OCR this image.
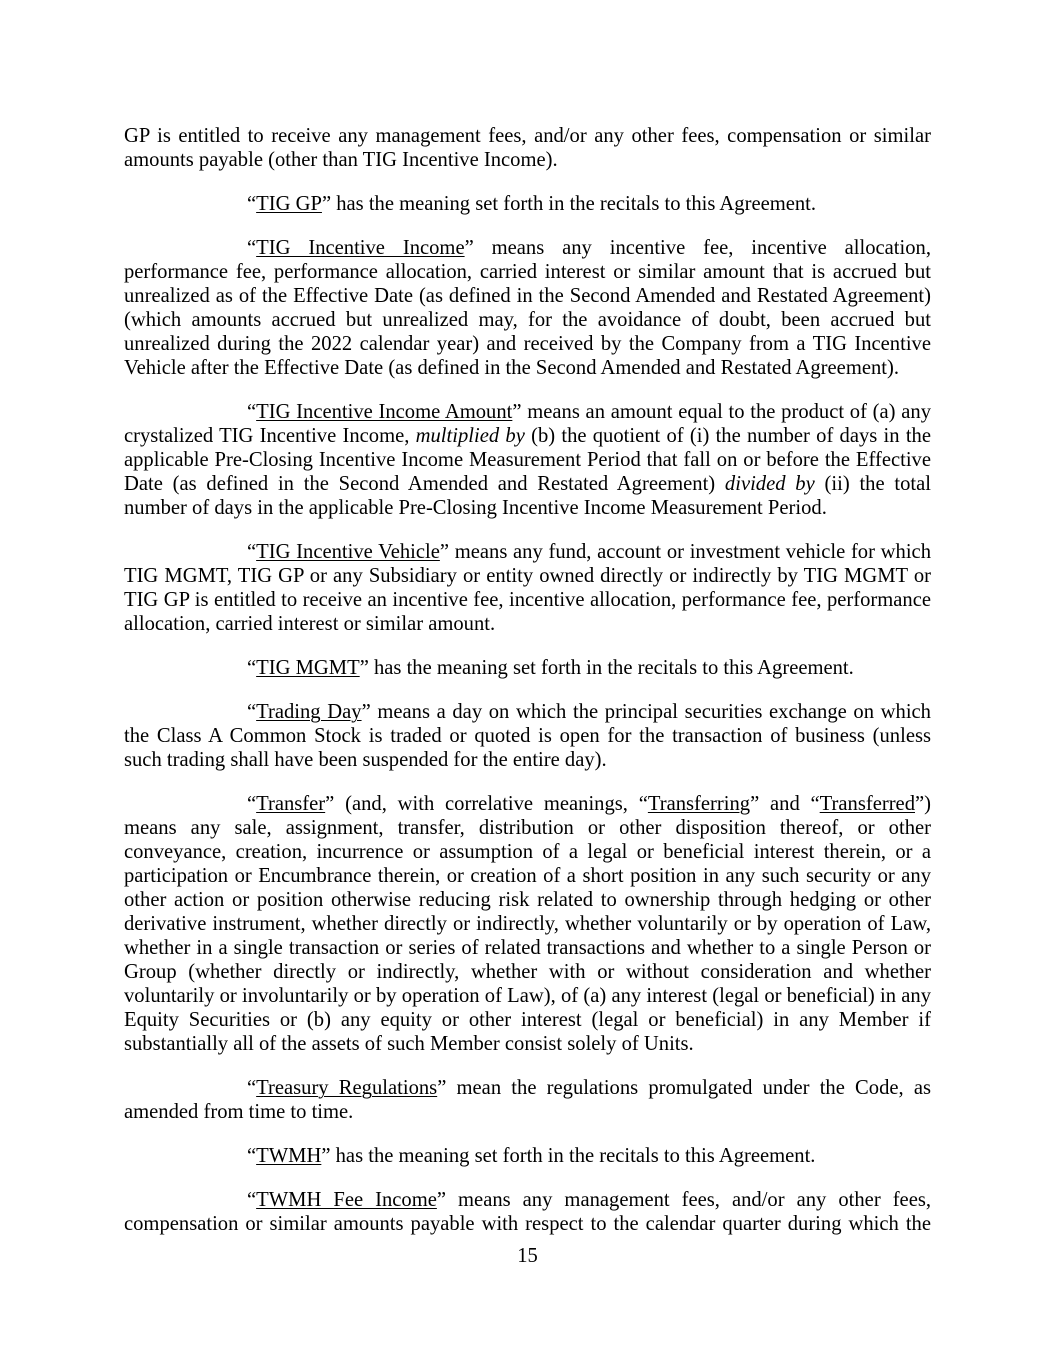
GP is entitled to receive any management fees, and/or any other fees, compensation or similar amounts payable (other than TIG Incentive Income).

“TIG GP” has the meaning set forth in the recitals to this Agreement.

“TIG Incentive Income” means any incentive fee, incentive allocation, performance fee, performance allocation, carried interest or similar amount that is accrued but unrealized as of the Effective Date (as defined in the Second Amended and Restated Agreement) (which amounts accrued but unrealized may, for the avoidance of doubt, been accrued but unrealized during the 2022 calendar year) and received by the Company from a TIG Incentive Vehicle after the Effective Date (as defined in the Second Amended and Restated Agreement).

“TIG Incentive Income Amount” means an amount equal to the product of (a) any crystalized TIG Incentive Income, multiplied by (b) the quotient of (i) the number of days in the applicable Pre-Closing Incentive Income Measurement Period that fall on or before the Effective Date (as defined in the Second Amended and Restated Agreement) divided by (ii) the total number of days in the applicable Pre-Closing Incentive Income Measurement Period.

“TIG Incentive Vehicle” means any fund, account or investment vehicle for which TIG MGMT, TIG GP or any Subsidiary or entity owned directly or indirectly by TIG MGMT or TIG GP is entitled to receive an incentive fee, incentive allocation, performance fee, performance allocation, carried interest or similar amount.

“TIG MGMT” has the meaning set forth in the recitals to this Agreement.

“Trading Day” means a day on which the principal securities exchange on which the Class A Common Stock is traded or quoted is open for the transaction of business (unless such trading shall have been suspended for the entire day).

“Transfer” (and, with correlative meanings, “Transferring” and “Transferred”) means any sale, assignment, transfer, distribution or other disposition thereof, or other conveyance, creation, incurrence or assumption of a legal or beneficial interest therein, or a participation or Encumbrance therein, or creation of a short position in any such security or any other action or position otherwise reducing risk related to ownership through hedging or other derivative instrument, whether directly or indirectly, whether voluntarily or by operation of Law, whether in a single transaction or series of related transactions and whether to a single Person or Group (whether directly or indirectly, whether with or without consideration and whether voluntarily or involuntarily or by operation of Law), of (a) any interest (legal or beneficial) in any Equity Securities or (b) any equity or other interest (legal or beneficial) in any Member if substantially all of the assets of such Member consist solely of Units.

“Treasury Regulations” mean the regulations promulgated under the Code, as amended from time to time.

“TWMH” has the meaning set forth in the recitals to this Agreement.

“TWMH Fee Income” means any management fees, and/or any other fees, compensation or similar amounts payable with respect to the calendar quarter during which the

15
